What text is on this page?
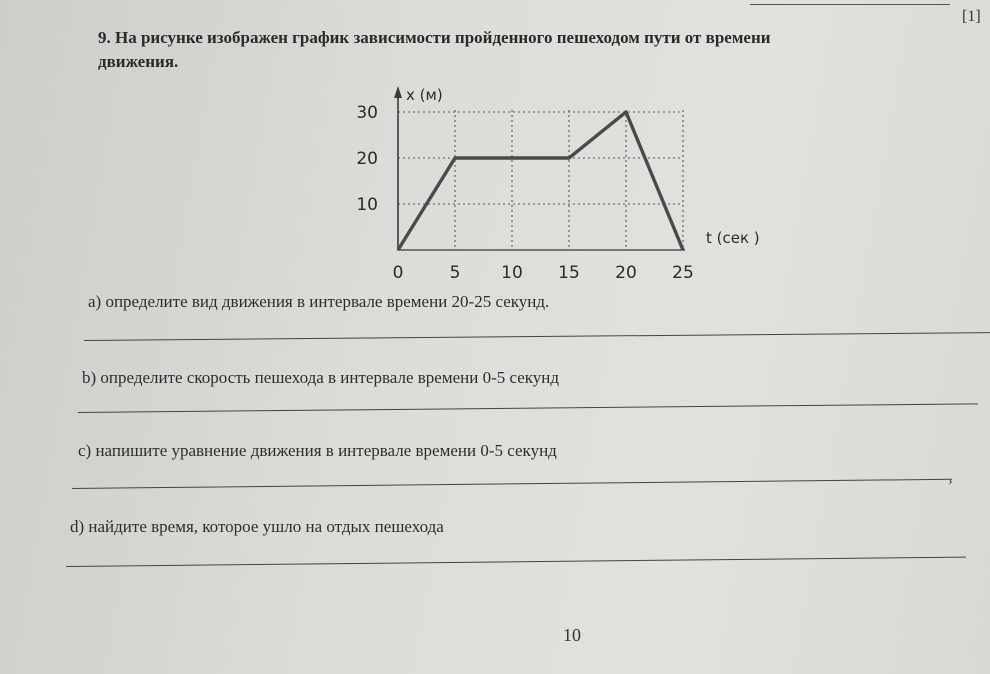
[1]
9. На рисунке изображен график зависимости пройденного пешеходом пути от времени
движения.
0	5 10 15 20 25
10
20
30
x (м)
t (сек )
а) определите вид движения в интервале времени 20-25 секунд.
b) определите скорость пешехода в интервале времени 0-5 секунд
с) напишите уравнение движения в интервале времени 0-5 секунд
›
d) найдите время, которое ушло на отдых пешехода
10
